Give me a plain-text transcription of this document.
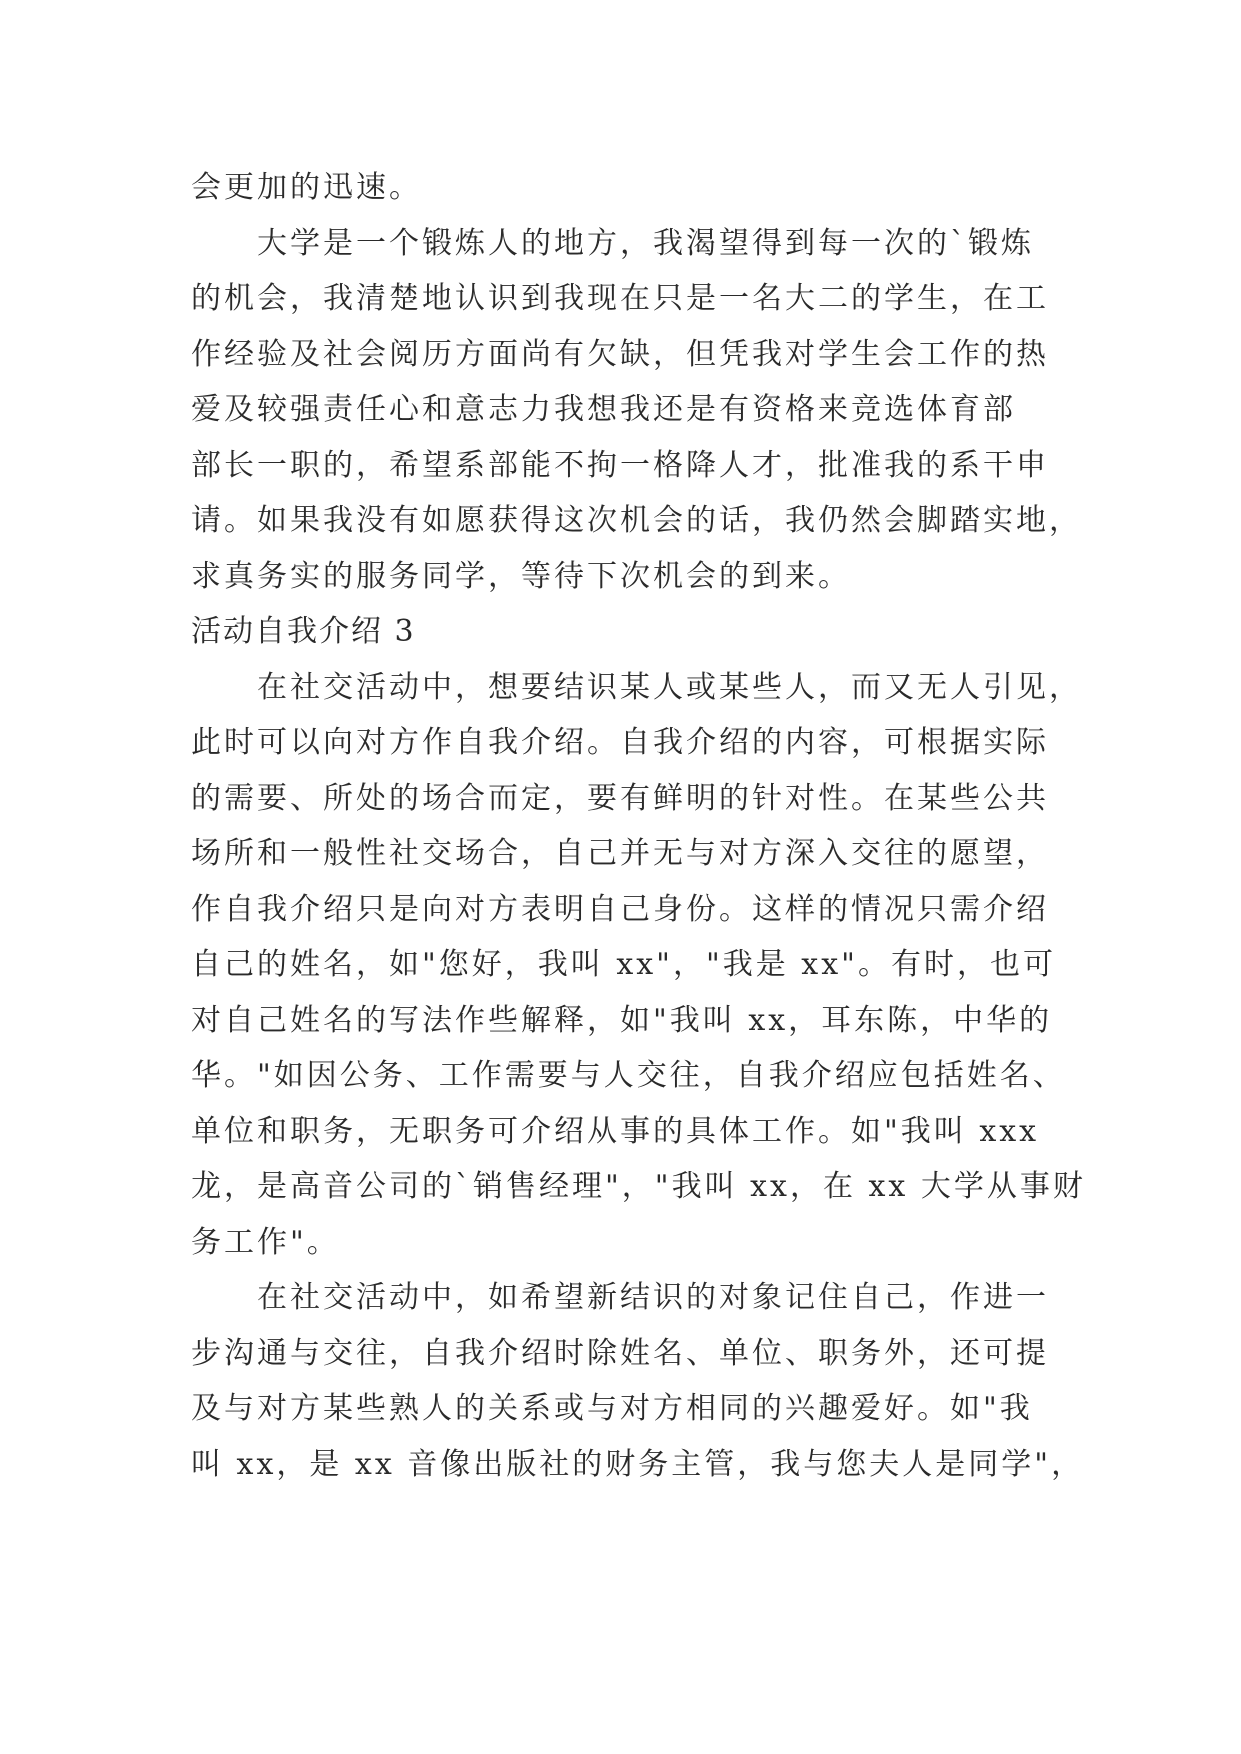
会更加的迅速。
大学是一个锻炼人的地方，我渴望得到每一次的`锻炼
的机会，我清楚地认识到我现在只是一名大二的学生，在工
作经验及社会阅历方面尚有欠缺，但凭我对学生会工作的热
爱及较强责任心和意志力我想我还是有资格来竞选体育部
部长一职的，希望系部能不拘一格降人才，批准我的系干申
请。如果我没有如愿获得这次机会的话，我仍然会脚踏实地，
求真务实的服务同学，等待下次机会的到来。
活动自我介绍 3
在社交活动中，想要结识某人或某些人，而又无人引见，
此时可以向对方作自我介绍。自我介绍的内容，可根据实际
的需要、所处的场合而定，要有鲜明的针对性。在某些公共
场所和一般性社交场合，自己并无与对方深入交往的愿望，
作自我介绍只是向对方表明自己身份。这样的情况只需介绍
自己的姓名，如"您好，我叫 xx"，"我是 xx"。有时，也可
对自己姓名的写法作些解释，如"我叫 xx，耳东陈，中华的
华。"如因公务、工作需要与人交往，自我介绍应包括姓名、
单位和职务，无职务可介绍从事的具体工作。如"我叫 xxx
龙，是高音公司的`销售经理"，"我叫 xx，在 xx 大学从事财
务工作"。
在社交活动中，如希望新结识的对象记住自己，作进一
步沟通与交往，自我介绍时除姓名、单位、职务外，还可提
及与对方某些熟人的关系或与对方相同的兴趣爱好。如"我
叫 xx，是 xx 音像出版社的财务主管，我与您夫人是同学"，
